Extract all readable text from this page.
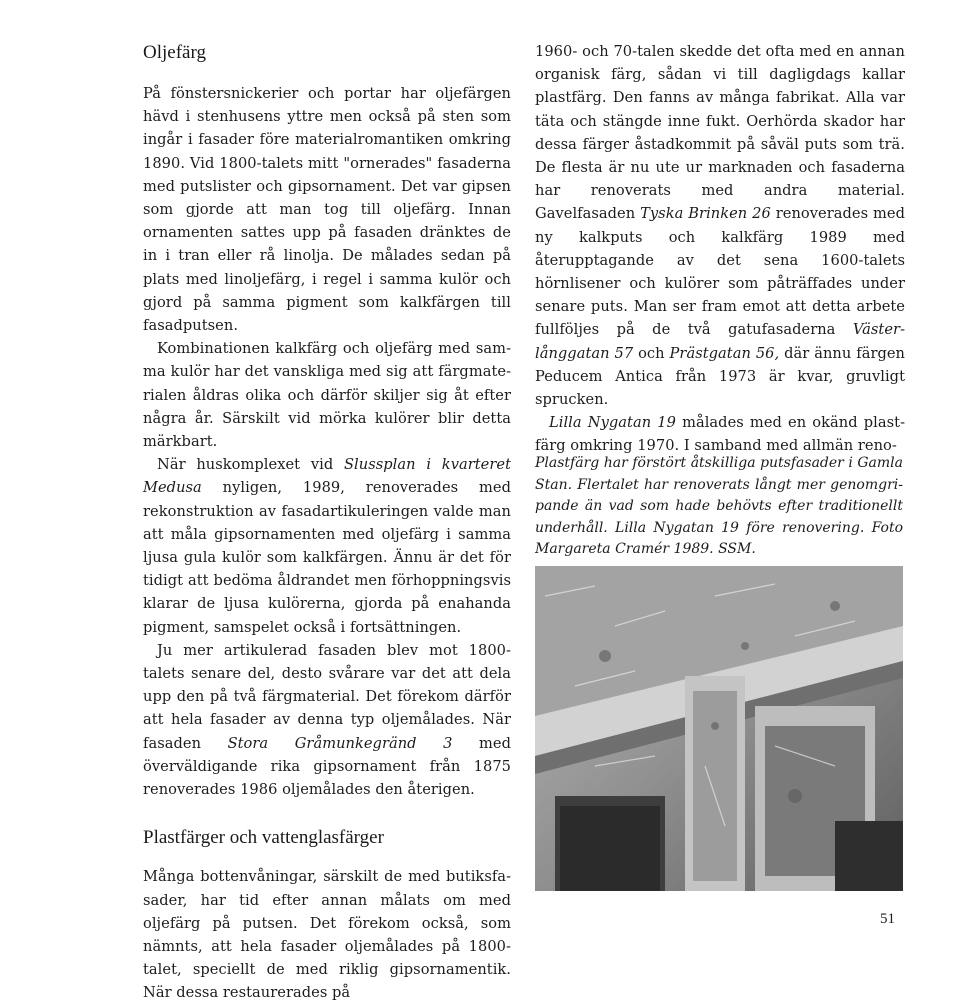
Oljefärg

På fönstersnickerier och portar har oljefärgen hävd i stenhusens yttre men också på sten som ingår i fasader före materialromantiken omkring 1890. Vid 1800-talets mitt "ornerades" fasaderna med putslister och gipsornament. Det var gipsen som gjorde att man tog till oljefärg. Innan ornamenten sattes upp på fasaden dränktes de in i tran eller rå linolja. De målades sedan på plats med linoljefärg, i regel i samma kulör och gjord på samma pigment som kalkfärgen till fasadputsen.

Kombinationen kalkfärg och oljefärg med samma kulör har det vanskliga med sig att färgmaterialen åldras olika och därför skiljer sig åt efter några år. Särskilt vid mörka kulörer blir detta märkbart.

När huskomplexet vid Slussplan i kvarteret Medusa nyligen, 1989, renoverades med rekonstruktion av fasadartikuleringen valde man att måla gipsornamenten med oljefärg i samma ljusa gula kulör som kalkfärgen. Ännu är det för tidigt att bedöma åldrandet men förhoppningsvis klarar de ljusa kulörerna, gjorda på enahanda pigment, samspelet också i fortsättningen.

Ju mer artikulerad fasaden blev mot 1800-talets senare del, desto svårare var det att dela upp den på två färgmaterial. Det förekom därför att hela fasader av denna typ oljemålades. När fasaden Stora Gråmunkegränd 3 med överväldigande rika gipsornament från 1875 renoverades 1986 oljemålades den återigen.

Plastfärger och vattenglasfärger

Många bottenvåningar, särskilt de med butiksfasader, har tid efter annan målats om med oljefärg på putsen. Det förekom också, som nämnts, att hela fasader oljemålades på 1800-talet, speciellt de med riklig gipsornamentik. När dessa restaurerades på

1960- och 70-talen skedde det ofta med en annan organisk färg, sådan vi till dagligdags kallar plastfärg. Den fanns av många fabrikat. Alla var täta och stängde inne fukt. Oerhörda skador har dessa färger åstadkommit på såväl puts som trä. De flesta är nu ute ur marknaden och fasaderna har renoverats med andra material. Gavelfasaden Tyska Brinken 26 renoverades med ny kalkputs och kalkfärg 1989 med återupptagande av det sena 1600-talets hörnlisener och kulörer som påträffades under senare puts. Man ser fram emot att detta arbete fullföljes på de två gatufasaderna Västerlånggatan 57 och Prästgatan 56, där ännu färgen Peducem Antica från 1973 är kvar, gruvligt sprucken.

Lilla Nygatan 19 målades med en okänd plastfärg omkring 1970. I samband med allmän reno-

Plastfärg har förstört åtskilliga putsfasader i Gamla Stan. Flertalet har renoverats långt mer genomgripande än vad som hade behövts efter traditionellt underhåll. Lilla Nygatan 19 före renovering. Foto Margareta Cramér 1989. SSM.
51
